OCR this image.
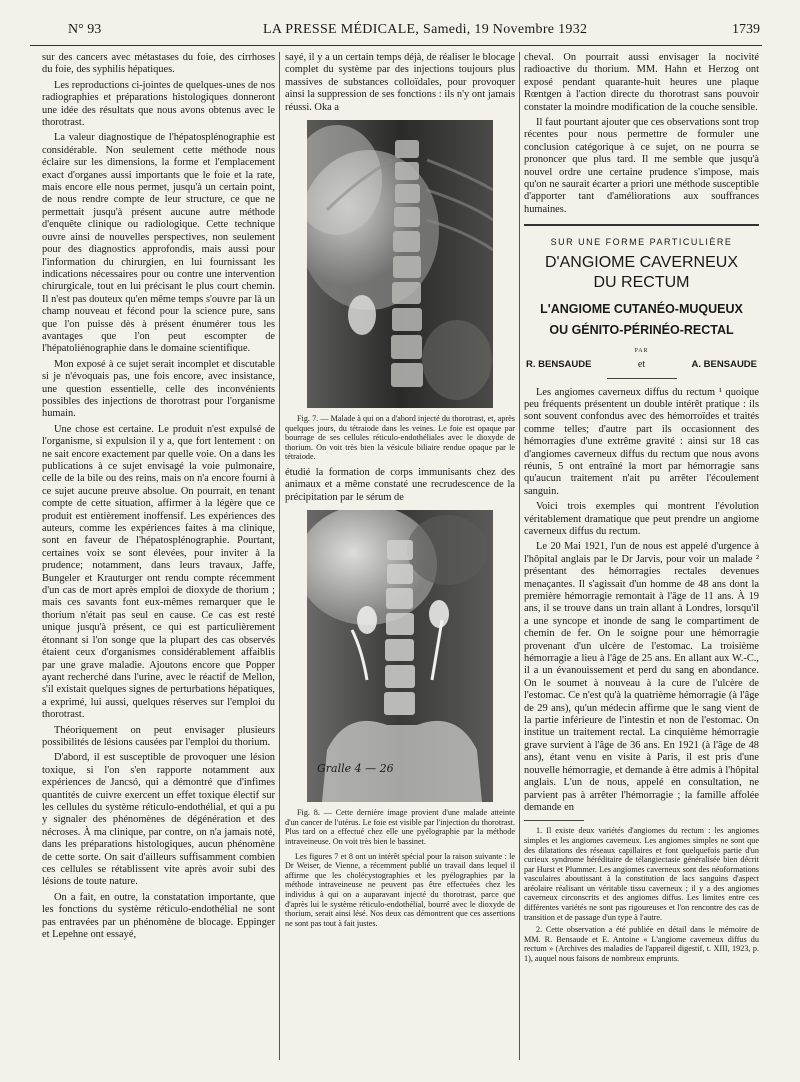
N° 93	LA PRESSE MÉDICALE, Samedi, 19 Novembre 1932	1739

sur des cancers avec métastases du foie, des cirrhoses du foie, des syphilis hépatiques.

Les reproductions ci-jointes de quelques-unes de nos radiographies et préparations histologiques donneront une idée des résultats que nous avons obtenus avec le thorotrast.

La valeur diagnostique de l'hépatosplénographie est considérable. Non seulement cette méthode nous éclaire sur les dimensions, la forme et l'emplacement exact d'organes aussi importants que le foie et la rate, mais encore elle nous permet, jusqu'à un certain point, de nous rendre compte de leur structure, ce que ne permettait jusqu'à présent aucune autre méthode d'enquête clinique ou radiologique. Cette technique ouvre ainsi de nouvelles perspectives, non seulement pour des diagnostics approfondis, mais aussi pour l'information du chirurgien, en lui fournissant les indications nécessaires pour ou contre une intervention chirurgicale, tout en lui précisant le plus court chemin. Il n'est pas douteux qu'en même temps s'ouvre par là un champ nouveau et fécond pour la science pure, sans que l'on puisse dès à présent énumérer tous les avantages que l'on peut escompter de l'hépatoliénographie dans le domaine scientifique.

Mon exposé à ce sujet serait incomplet et discutable si je n'évoquais pas, une fois encore, avec insistance, une question essentielle, celle des inconvénients possibles des injections de thorotrast pour l'organisme humain.

Une chose est certaine. Le produit n'est expulsé de l'organisme, si expulsion il y a, que fort lentement : on ne sait encore exactement par quelle voie. On a dans les publications à ce sujet envisagé la voie pulmonaire, celle de la bile ou des reins, mais on n'a encore fourni à ce sujet aucune preuve absolue. On pourrait, en tenant compte de cette situation, affirmer à la légère que ce produit est entièrement inoffensif. Les expériences des auteurs, comme les expériences faites à ma clinique, sont en faveur de l'hépatosplénographie. Pourtant, certaines voix se sont élevées, pour inviter à la prudence; notamment, dans leurs travaux, Jaffe, Bungeler et Krauturger ont rendu compte récemment d'un cas de mort après emploi de dioxyde de thorium ; mais ces savants font eux-mêmes remarquer que le thorium n'était pas seul en cause. Ce cas est resté unique jusqu'à présent, ce qui est particulièrement étonnant si l'on songe que la plupart des cas observés étaient ceux d'organismes considérablement affaiblis par une grave maladie. Ajoutons encore que Popper ayant recherché dans l'urine, avec le réactif de Mellon, s'il existait quelques signes de perturbations hépatiques, a exprimé, lui aussi, quelques réserves sur l'emploi du thorotrast.

Théoriquement on peut envisager plusieurs possibilités de lésions causées par l'emploi du thorium.

D'abord, il est susceptible de provoquer une lésion toxique, si l'on s'en rapporte notamment aux expériences de Jancsó, qui a démontré que d'infimes quantités de cuivre exercent un effet toxique électif sur les cellules du système réticulo-endothélial, et qui a pu y signaler des phénomènes de dégénération et des nécroses. À ma clinique, par contre, on n'a jamais noté, dans les préparations histologiques, aucun phénomène de cette sorte. On sait d'ailleurs suffisamment combien ces cellules se rétablissent vite après avoir subi des lésions de toute nature.

On a fait, en outre, la constatation importante, que les fonctions du système réticulo-endothélial ne sont pas entravées par un phénomène de blocage. Eppinger et Lepehne ont essayé,

sayé, il y a un certain temps déjà, de réaliser le blocage complet du système par des injections toujours plus massives de substances colloïdales, pour provoquer ainsi la suppression de ses fonctions : ils n'y ont jamais réussi. Oka a

Fig. 7. — Malade à qui on a d'abord injecté du thorotrast, et, après quelques jours, du tétraiode dans les veines. Le foie est opaque par bourrage de ses cellules réticulo-endothéliales avec le dioxyde de thorium. On voit très bien la vésicule biliaire rendue opaque par le tétraiode.

étudié la formation de corps immunisants chez des animaux et a même constaté une recrudescence de la précipitation par le sérum de

Gralle 4 — 26

Fig. 8. — Cette dernière image provient d'une malade atteinte d'un cancer de l'utérus. Le foie est visible par l'injection du thorotrast. Plus tard on a effectué chez elle une pyélographie par la méthode intraveineuse. On voit très bien le bassinet.

Les figures 7 et 8 ont un intérêt spécial pour la raison suivante : le Dr Weiser, de Vienne, a récemment publié un travail dans lequel il affirme que les cholécystographies et les pyélographies par la méthode intraveineuse ne peuvent pas être effectuées chez les individus à qui on a auparavant injecté du thorotrast, parce que d'après lui le système réticulo-endothélial, bourré avec le dioxyde de thorium, serait ainsi lésé. Nos deux cas démontrent que ces assertions ne sont pas tout à fait justes.

cheval. On pourrait aussi envisager la nocivité radioactive du thorium. MM. Hahn et Herzog ont exposé pendant quarante-huit heures une plaque Rœntgen à l'action directe du thorotrast sans pouvoir constater la moindre modification de la couche sensible.

Il faut pourtant ajouter que ces observations sont trop récentes pour nous permettre de formuler une conclusion catégorique à ce sujet, on ne pourra se prononcer que plus tard. Il me semble que jusqu'à nouvel ordre une certaine prudence s'impose, mais qu'on ne saurait écarter a priori une méthode susceptible d'apporter tant d'améliorations aux souffrances humaines.

SUR UNE FORME PARTICULIÈRE
D'ANGIOME CAVERNEUX
DU RECTUM
L'ANGIOME CUTANÉO-MUQUEUX
OU GÉNITO-PÉRINÉO-RECTAL
PAR
R. BENSAUDE	et	A. BENSAUDE

Les angiomes caverneux diffus du rectum ¹ quoique peu fréquents présentent un double intérêt pratique : ils sont souvent confondus avec des hémorroïdes et traités comme telles; d'autre part ils occasionnent des hémorragies d'une extrême gravité : ainsi sur 18 cas d'angiomes caverneux diffus du rectum que nous avons réunis, 5 ont entraîné la mort par hémorragie sans qu'aucun traitement n'ait pu arrêter l'écoulement sanguin.

Voici trois exemples qui montrent l'évolution véritablement dramatique que peut prendre un angiome caverneux diffus du rectum.

Le 20 Mai 1921, l'un de nous est appelé d'urgence à l'hôpital anglais par le Dr Jarvis, pour voir un malade ² présentant des hémorragies rectales devenues menaçantes. Il s'agissait d'un homme de 48 ans dont la première hémorragie remontait à l'âge de 11 ans. À 19 ans, il se trouve dans un train allant à Londres, lorsqu'il a une syncope et inonde de sang le compartiment de chemin de fer. On le soigne pour une hémorragie provenant d'un ulcère de l'estomac. La troisième hémorragie a lieu à l'âge de 25 ans. En allant aux W.-C., il a un évanouissement et perd du sang en abondance. On le soumet à nouveau à la cure de l'ulcère de l'estomac. Ce n'est qu'à la quatrième hémorragie (à l'âge de 29 ans), qu'un médecin affirme que le sang vient de la partie inférieure de l'intestin et non de l'estomac. On institue un traitement rectal. La cinquième hémorragie grave survient à l'âge de 36 ans. En 1921 (à l'âge de 48 ans), étant venu en visite à Paris, il est pris d'une nouvelle hémorragie, et demande à être admis à l'hôpital anglais. L'un de nous, appelé en consultation, ne parvient pas à arrêter l'hémorragie ; la famille affolée demande en

1. Il existe deux variétés d'angiomes du rectum : les angiomes simples et les angiomes caverneux. Les angiomes simples ne sont que des dilatations des réseaux capillaires et font quelquefois partie d'un curieux syndrome héréditaire de télangiectasie généralisée bien décrit par Hurst et Plummer. Les angiomes caverneux sont des néoformations vasculaires aboutissant à la constitution de lacs sanguins d'aspect aréolaire réalisant un véritable tissu caverneux ; il y a des angiomes caverneux circonscrits et des angiomes diffus. Les limites entre ces différentes variétés ne sont pas rigoureuses et l'on rencontre des cas de transition et de passage d'un type à l'autre.

2. Cette observation a été publiée en détail dans le mémoire de MM. R. Bensaude et E. Antoine « L'angiome caverneux diffus du rectum » (Archives des maladies de l'appareil digestif, t. XIII, 1923, p. 1), auquel nous faisons de nombreux emprunts.
